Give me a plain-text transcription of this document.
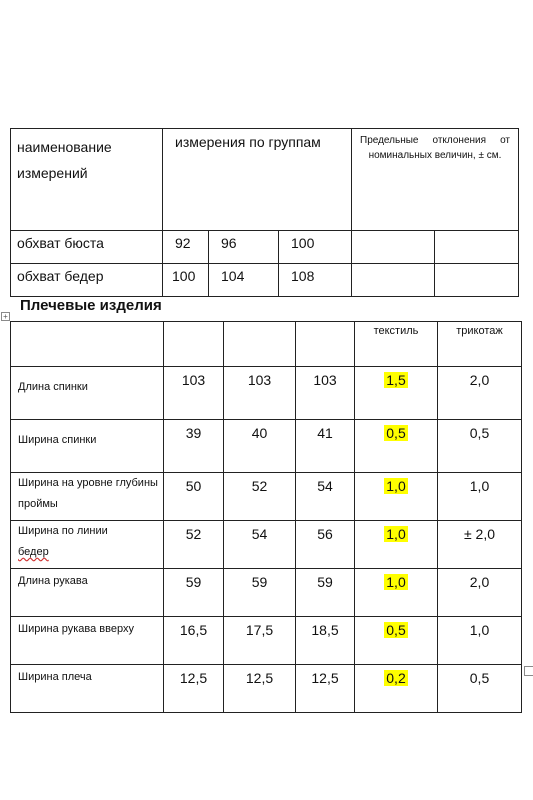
наименование измерений	измерения по группам			Предельные отклонения от номинальных величин, ± см.	
обхват бюста	92	96	100		
обхват бедер	100	104	108		
+
Плечевые изделия
				текстиль	трикотаж
Длина спинки	103	103	103	1,5	2,0
Ширина спинки	39	40	41	0,5	0,5
Ширина на уровне глубины проймы	50	52	54	1,0	1,0
Ширина по линии
бедер	52	54	56	1,0	± 2,0
Длина рукава	59	59	59	1,0	2,0
Ширина рукава вверху	16,5	17,5	18,5	0,5	1,0
Ширина плеча	12,5	12,5	12,5	0,2	0,5
